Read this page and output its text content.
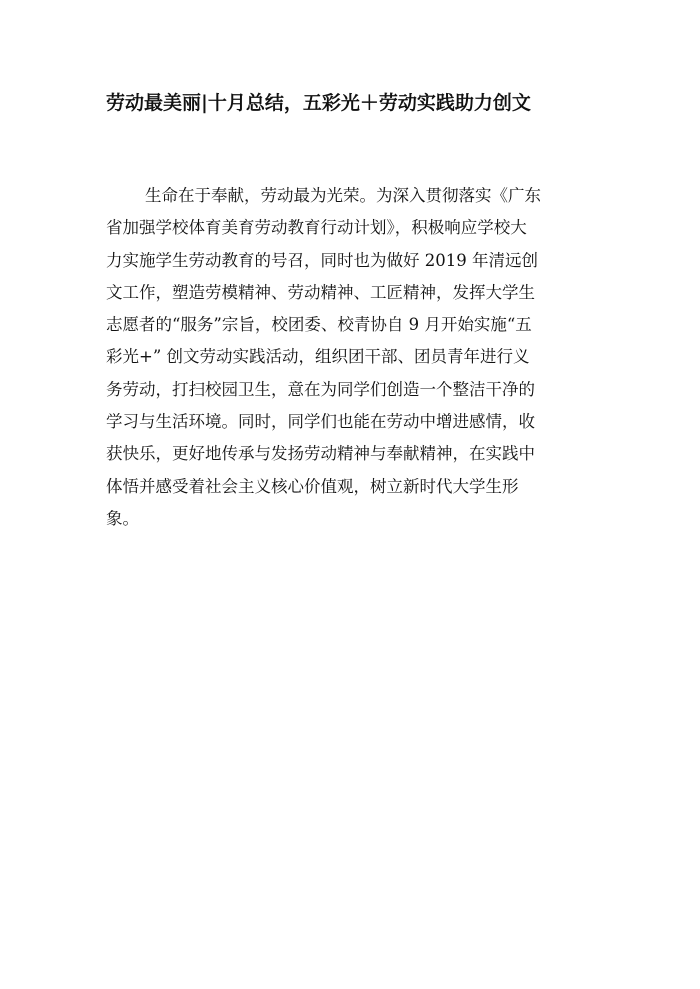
劳动最美丽|十月总结，五彩光＋劳动实践助力创文
生命在于奉献，劳动最为光荣。为深入贯彻落实《广东
省加强学校体育美育劳动教育行动计划》，积极响应学校大
力实施学生劳动教育的号召，同时也为做好 2019 年清远创
文工作，塑造劳模精神、劳动精神、工匠精神，发挥大学生
志愿者的“服务”宗旨，校团委、校青协自 9 月开始实施“五
彩光+” 创文劳动实践活动，组织团干部、团员青年进行义
务劳动，打扫校园卫生，意在为同学们创造一个整洁干净的
学习与生活环境。同时，同学们也能在劳动中增进感情，收
获快乐，更好地传承与发扬劳动精神与奉献精神，在实践中
体悟并感受着社会主义核心价值观，树立新时代大学生形
象。
